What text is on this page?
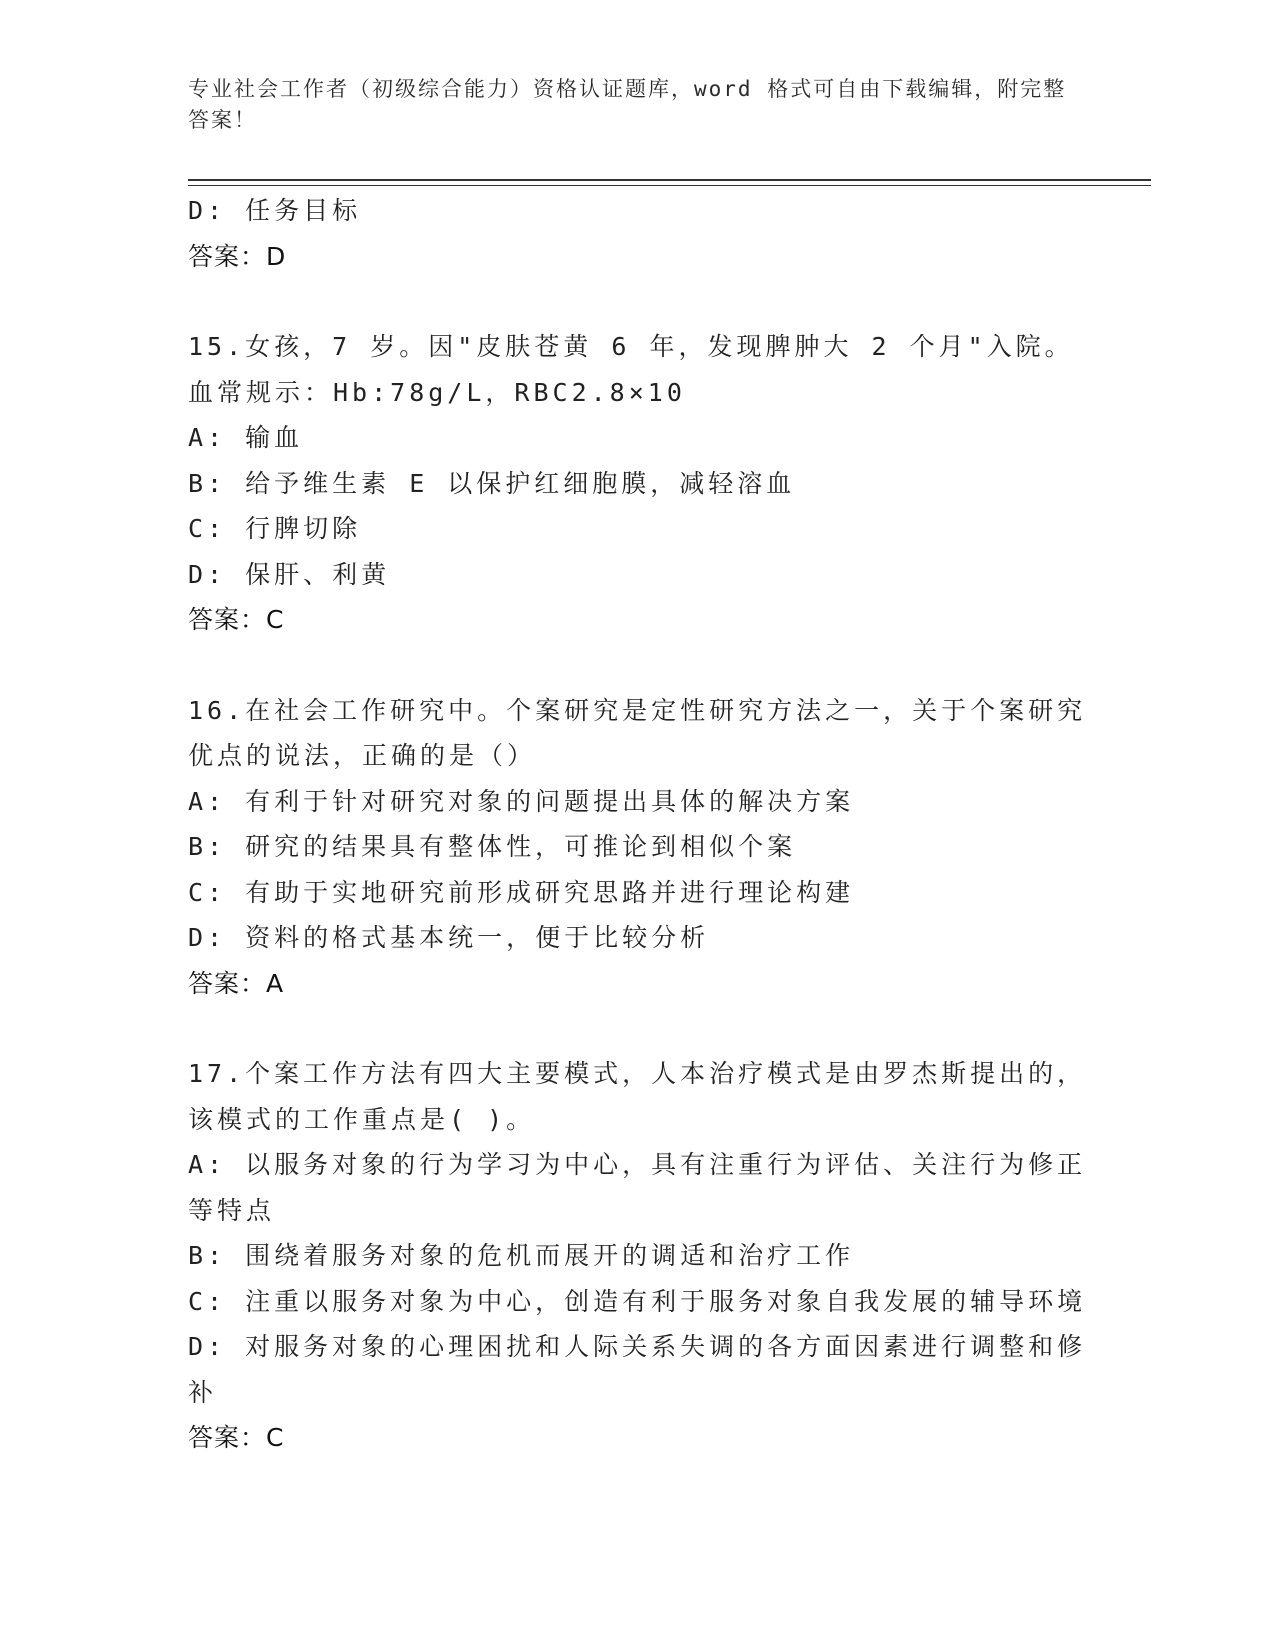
专业社会工作者（初级综合能力）资格认证题库，word 格式可自由下载编辑，附完整答案！
D: 任务目标
答案：D
15.女孩，7 岁。因"皮肤苍黄 6 年，发现脾肿大 2 个月"入院。血常规示：Hb:78g/L，RBC2.8×10
A: 输血
B: 给予维生素 E 以保护红细胞膜，减轻溶血
C: 行脾切除
D: 保肝、利黄
答案：C
16.在社会工作研究中。个案研究是定性研究方法之一，关于个案研究优点的说法，正确的是（）
A: 有利于针对研究对象的问题提出具体的解决方案
B: 研究的结果具有整体性，可推论到相似个案
C: 有助于实地研究前形成研究思路并进行理论构建
D: 资料的格式基本统一，便于比较分析
答案：A
17.个案工作方法有四大主要模式，人本治疗模式是由罗杰斯提出的，该模式的工作重点是( )。
A: 以服务对象的行为学习为中心，具有注重行为评估、关注行为修正等特点
B: 围绕着服务对象的危机而展开的调适和治疗工作
C: 注重以服务对象为中心，创造有利于服务对象自我发展的辅导环境
D: 对服务对象的心理困扰和人际关系失调的各方面因素进行调整和修补
答案：C
